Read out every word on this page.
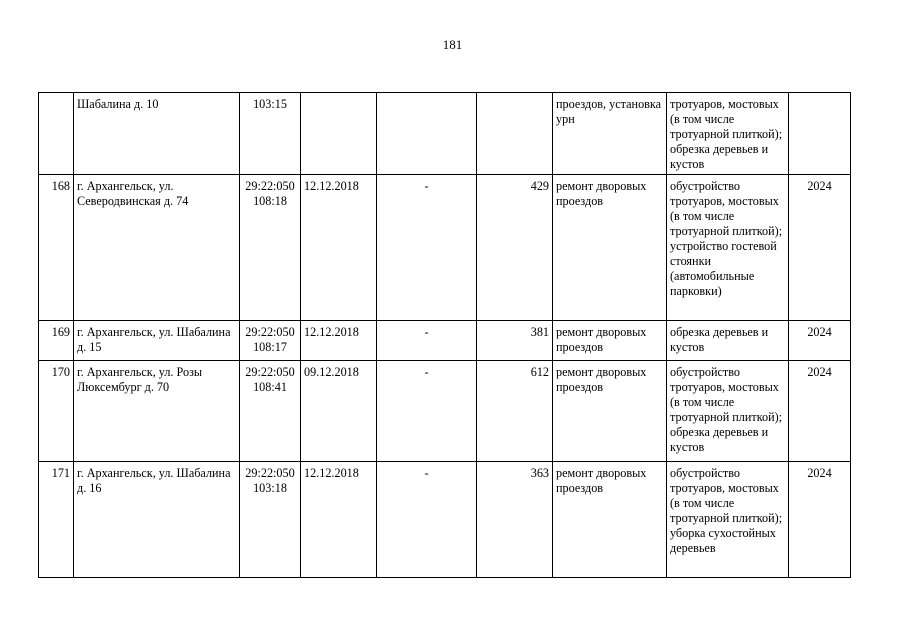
181
	Шабалина д. 10	103:15				проездов, установка урн	тротуаров, мостовых (в том числе тротуарной плиткой); обрезка деревьев и кустов	
168	г. Архангельск, ул. Северодвинская д. 74	29:22:050 108:18	12.12.2018	-	429	ремонт дворовых проездов	обустройство тротуаров, мостовых (в том числе тротуарной плиткой); устройство гостевой стоянки (автомобильные парковки)	2024
169	г. Архангельск, ул. Шабалина д. 15	29:22:050 108:17	12.12.2018	-	381	ремонт дворовых проездов	обрезка деревьев и кустов	2024
170	г. Архангельск, ул. Розы Люксембург д. 70	29:22:050 108:41	09.12.2018	-	612	ремонт дворовых проездов	обустройство тротуаров, мостовых (в том числе тротуарной плиткой); обрезка деревьев и кустов	2024
171	г. Архангельск, ул. Шабалина д. 16	29:22:050 103:18	12.12.2018	-	363	ремонт дворовых проездов	обустройство тротуаров, мостовых (в том числе тротуарной плиткой); уборка сухостойных деревьев	2024
